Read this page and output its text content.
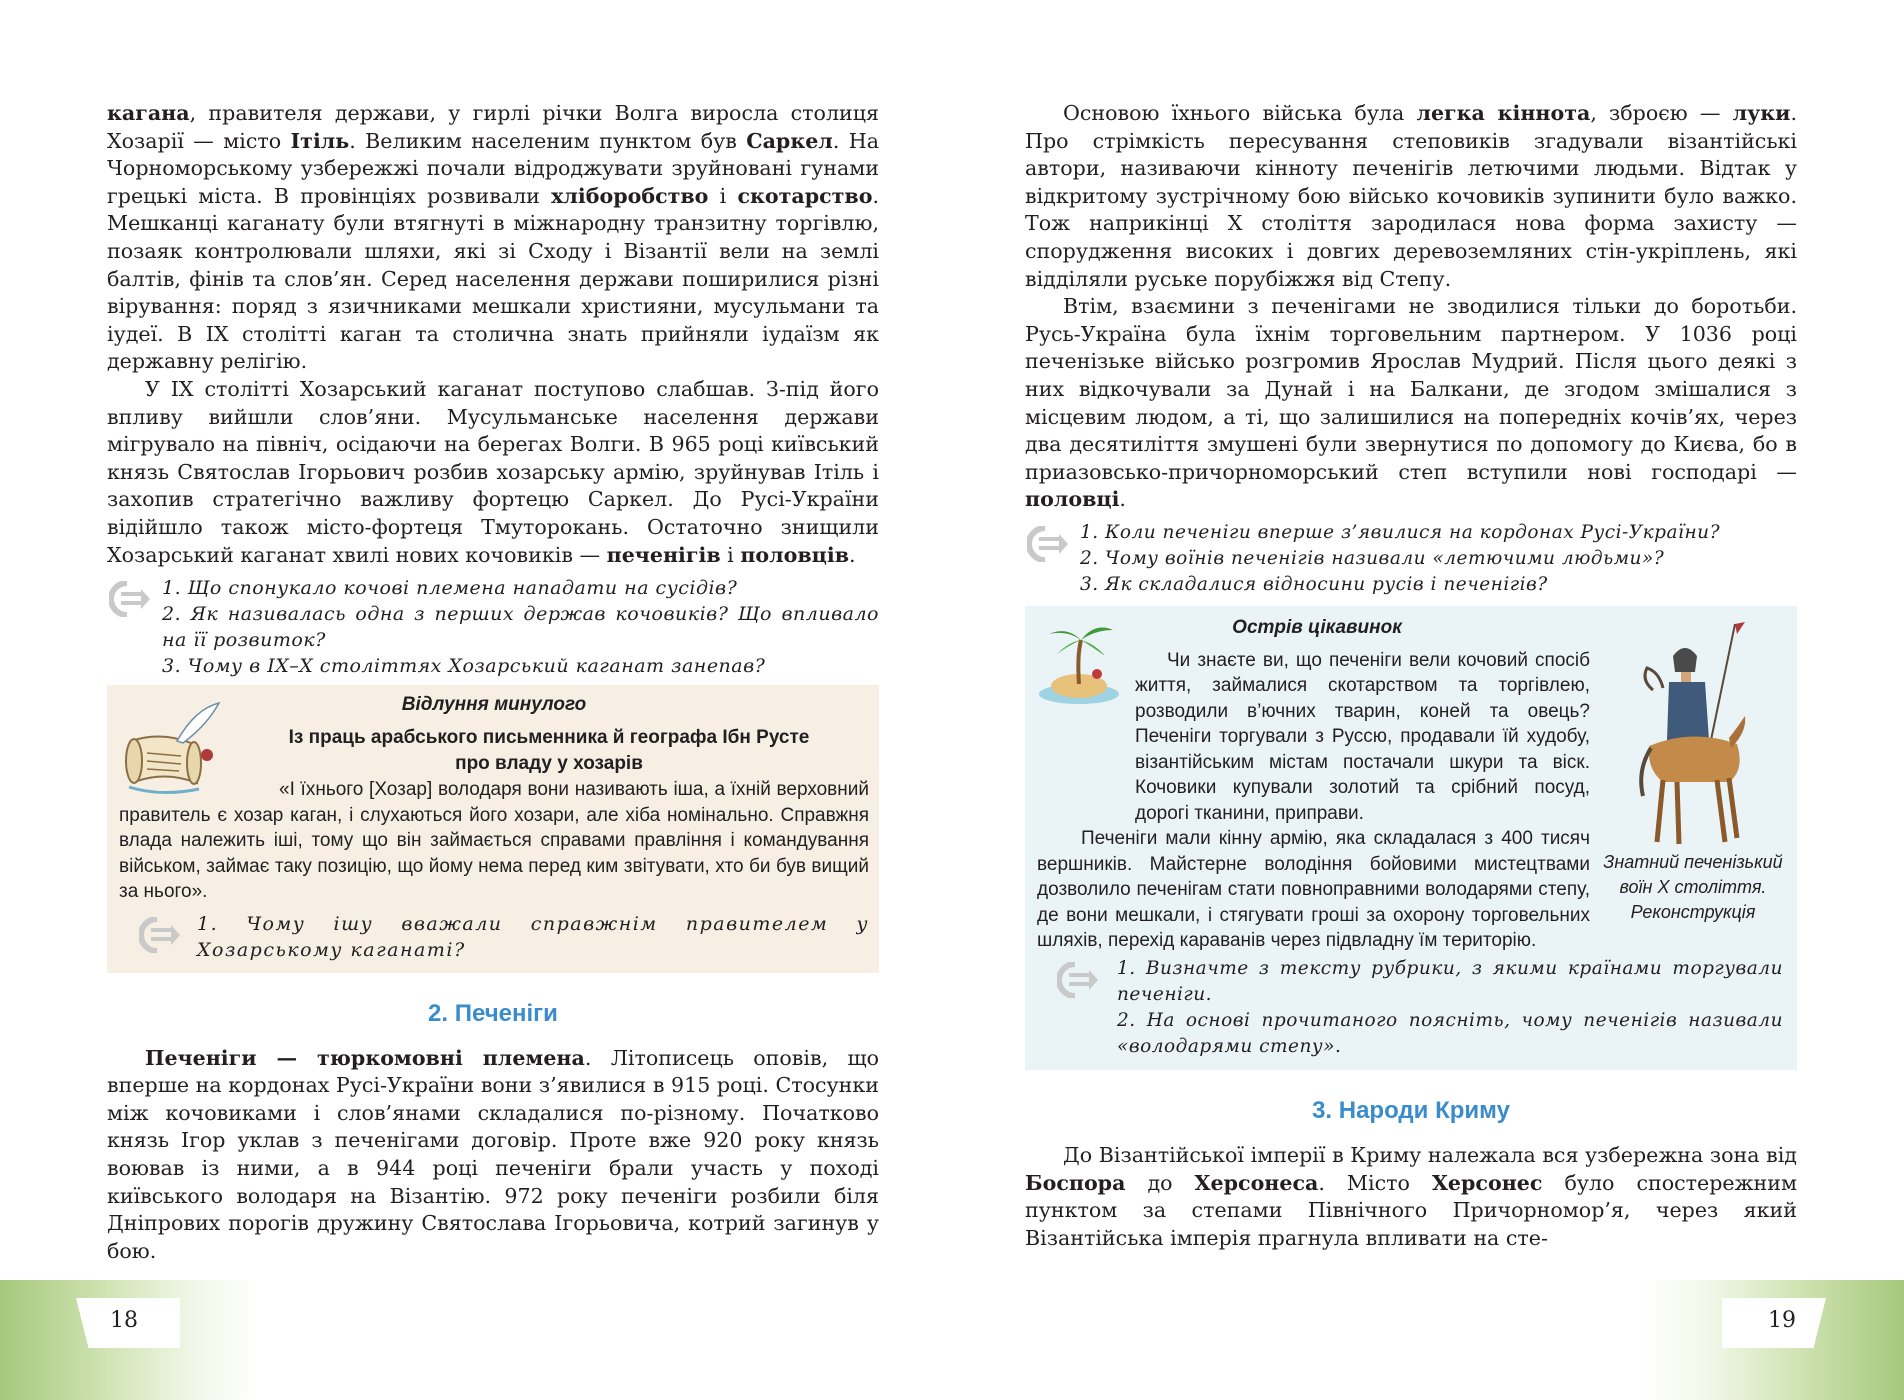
кагана, правителя держави, у гирлі річки Волга виросла столиця Хозарії — місто Ітіль. Великим населеним пунктом був Саркел. На Чорноморському узбережжі почали відроджувати зруйновані гунами грецькі міста. В провінціях розвивали хліборобство і скотарство. Мешканці каганату були втягнуті в міжнародну транзитну торгівлю, позаяк контролювали шляхи, які зі Сходу і Візантії вели на землі балтів, фінів та слов’ян. Серед населення держави поширилися різні вірування: поряд з язичниками мешкали християни, мусульмани та іудеї. В IX столітті каган та столична знать прийняли іудаїзм як державну релігію.

У IX столітті Хозарський каганат поступово слабшав. З-під його впливу вийшли слов’яни. Мусульманське населення держави мігрувало на північ, осідаючи на берегах Волги. В 965 році київський князь Святослав Ігорьович розбив хозарську армію, зруйнував Ітіль і захопив стратегічно важливу фортецю Саркел. До Русі-України відійшло також місто-фортеця Тмуторокань. Остаточно знищили Хозарський каганат хвилі нових кочовиків — печенігів і половців.

1. Що спонукало кочові племена нападати на сусідів?
2. Як називалась одна з перших держав кочовиків? Що впливало на її розвиток?
3. Чому в IX–X століттях Хозарський каганат занепав?
Відлуння минулого
Із праць арабського письменника й географа Ібн Русте
про владу у хозарів
«І їхнього [Хозар] володаря вони називають іша, а їхній верховний правитель є хозар каган, і слухаються його хозари, але хіба номінально. Справжня влада належить іші, тому що він займається справами правління і командування військом, займає таку позицію, що йому нема перед ким звітувати, хто би був вищий за нього».
1. Чому ішу вважали справжнім правителем у Хозарському каганаті?
2. Печеніги

Печеніги — тюркомовні племена. Літописець оповів, що вперше на кордонах Русі-України вони з’явилися в 915 році. Стосунки між кочовиками і слов’янами складалися по-різному. Початково князь Ігор уклав з печенігами договір. Проте вже 920 року князь воював із ними, а в 944 році печеніги брали участь у поході київського володаря на Візантію. 972 року печеніги розбили біля Дніпрових порогів дружину Святослава Ігорьовича, котрий загинув у бою.

Основою їхнього війська була легка кіннота, зброєю — луки. Про стрімкість пересування степовиків згадували візантійські автори, називаючи кінноту печенігів летючими людьми. Відтак у відкритому зустрічному бою військо кочовиків зупинити було важко. Тож наприкінці X століття зародилася нова форма захисту — спорудження високих і довгих деревоземляних стін-укріплень, які відділяли руське порубіжжя від Степу.

Втім, взаємини з печенігами не зводилися тільки до боротьби. Русь-Україна була їхнім торговельним партнером. У 1036 році печенізьке військо розгромив Ярослав Мудрий. Після цього деякі з них відкочували за Дунай і на Балкани, де згодом змішалися з місцевим людом, а ті, що залишилися на попередніх кочів’ях, через два десятиліття змушені були звернутися по допомогу до Києва, бо в приазовсько-причорноморський степ вступили нові господарі — половці.

1. Коли печеніги вперше з’явилися на кордонах Русі-України?
2. Чому воїнів печенігів називали «летючими людьми»?
3. Як складалися відносини русів і печенігів?
Острів цікавинок
Чи знаєте ви, що печеніги вели кочовий спосіб життя, займалися скотарством та торгівлею, розводили в’ючних тварин, коней та овець? Печеніги торгували з Руссю, продавали їй худобу, візантійським містам постачали шкури та віск. Кочовики купували золотий та срібний посуд, дорогі тканини, приправи.
Печеніги мали кінну армію, яка складалася з 400 тисяч вершників. Майстерне володіння бойовими мистецтвами дозволило печенігам стати повноправними володарями степу, де вони мешкали, і стягувати гроші за охорону торговельних шляхів, перехід караванів через підвладну їм територію.
Знатний печенізький воїн X століття. Реконструкція
1. Визначте з тексту рубрики, з якими країнами торгували печеніги.
2. На основі прочитаного поясніть, чому печенігів називали «володарями степу».
3. Народи Криму

До Візантійської імперії в Криму належала вся узбережна зона від Боспора до Херсонеса. Місто Херсонес було спостережним пунктом за степами Північного Причорномор’я, через який Візантійська імперія прагнула впливати на сте-

18	19
